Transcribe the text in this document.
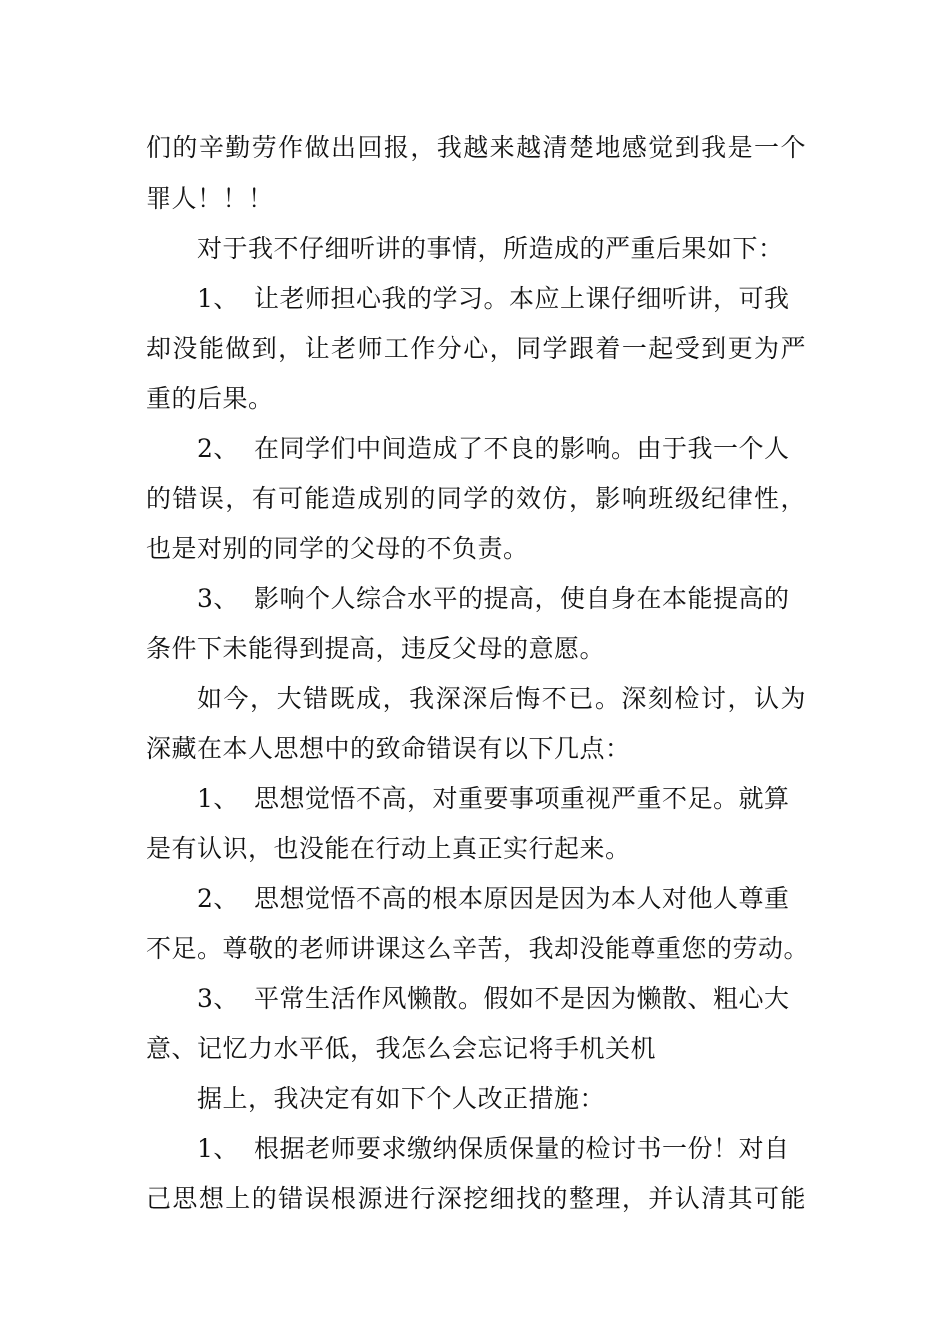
们的辛勤劳作做出回报，我越来越清楚地感觉到我是一个
罪人！！！
对于我不仔细听讲的事情，所造成的严重后果如下：
1、 让老师担心我的学习。本应上课仔细听讲，可我
却没能做到，让老师工作分心，同学跟着一起受到更为严
重的后果。
2、 在同学们中间造成了不良的影响。由于我一个人
的错误，有可能造成别的同学的效仿，影响班级纪律性，
也是对别的同学的父母的不负责。
3、 影响个人综合水平的提高，使自身在本能提高的
条件下未能得到提高，违反父母的意愿。
如今，大错既成，我深深后悔不已。深刻检讨，认为
深藏在本人思想中的致命错误有以下几点：
1、 思想觉悟不高，对重要事项重视严重不足。就算
是有认识，也没能在行动上真正实行起来。
2、 思想觉悟不高的根本原因是因为本人对他人尊重
不足。尊敬的老师讲课这么辛苦，我却没能尊重您的劳动。
3、 平常生活作风懒散。假如不是因为懒散、粗心大
意、记忆力水平低，我怎么会忘记将手机关机
据上，我决定有如下个人改正措施：
1、 根据老师要求缴纳保质保量的检讨书一份！对自
己思想上的错误根源进行深挖细找的整理，并认清其可能
